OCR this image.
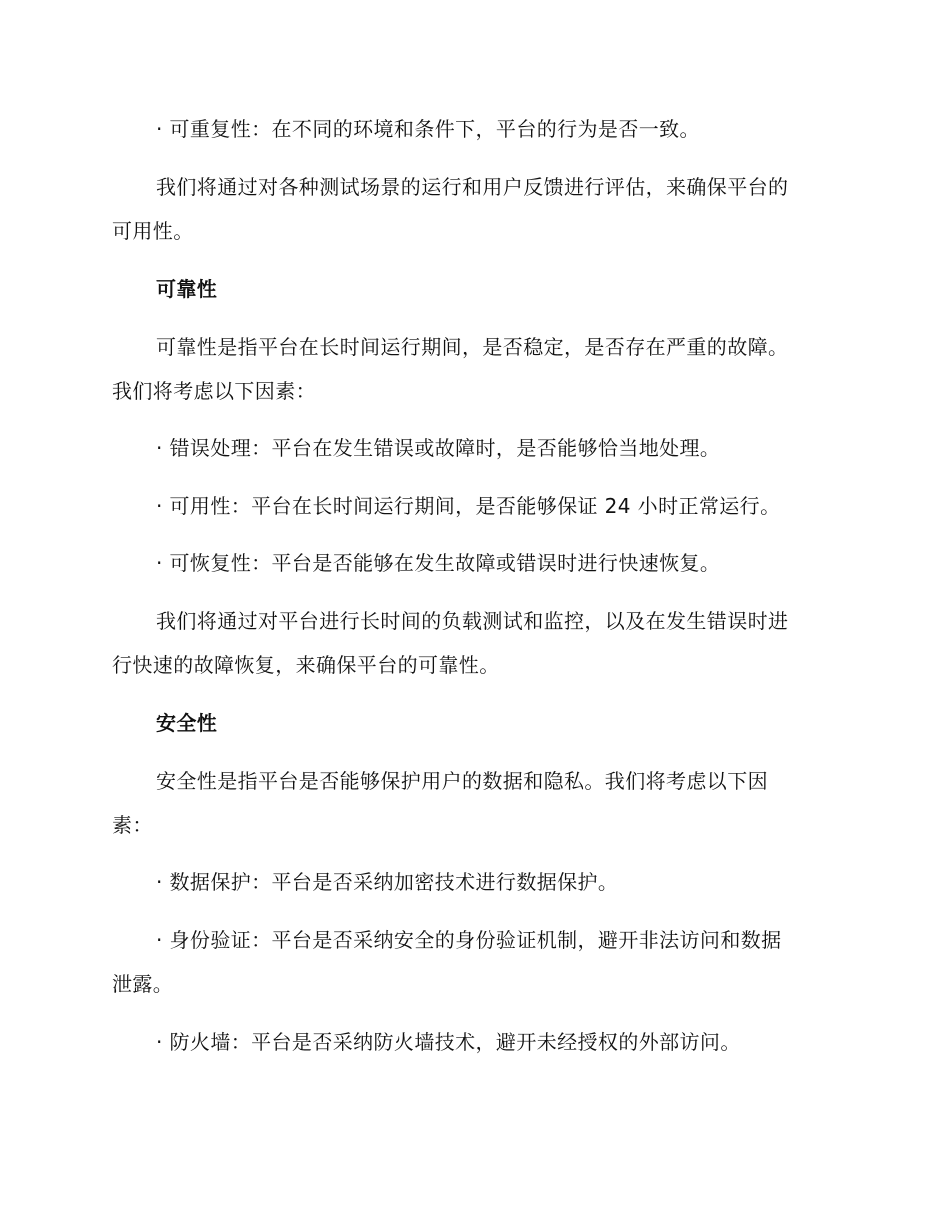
· 可重复性：在不同的环境和条件下，平台的行为是否一致。
我们将通过对各种测试场景的运行和用户反馈进行评估，来确保平台的
可用性。
可靠性
可靠性是指平台在长时间运行期间，是否稳定，是否存在严重的故障。
我们将考虑以下因素：
· 错误处理：平台在发生错误或故障时，是否能够恰当地处理。
· 可用性：平台在长时间运行期间，是否能够保证 24 小时正常运行。
· 可恢复性：平台是否能够在发生故障或错误时进行快速恢复。
我们将通过对平台进行长时间的负载测试和监控，以及在发生错误时进
行快速的故障恢复，来确保平台的可靠性。
安全性
安全性是指平台是否能够保护用户的数据和隐私。我们将考虑以下因
素：
· 数据保护：平台是否采纳加密技术进行数据保护。
· 身份验证：平台是否采纳安全的身份验证机制，避开非法访问和数据
泄露。
· 防火墙：平台是否采纳防火墙技术，避开未经授权的外部访问。
